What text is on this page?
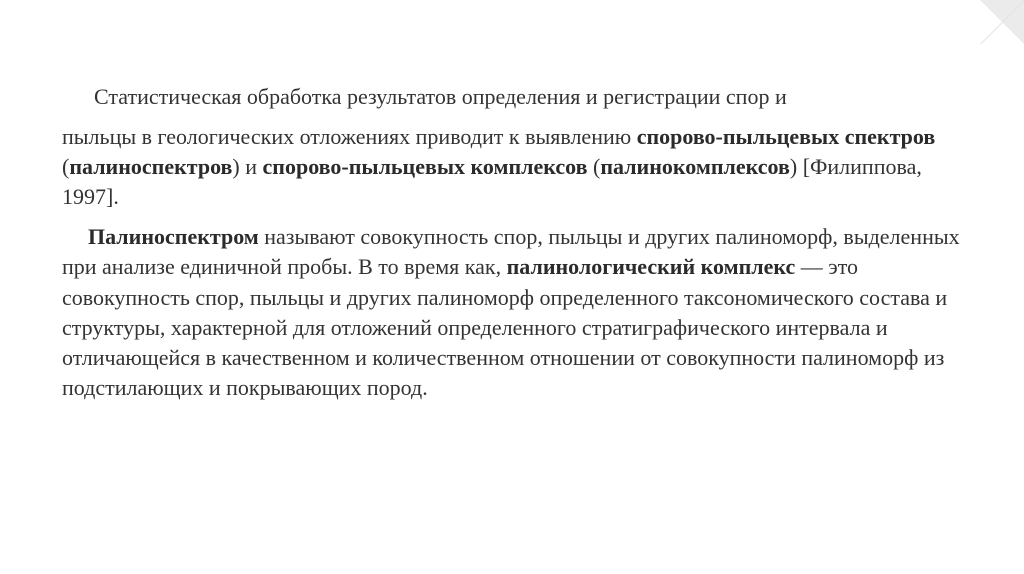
Статистическая обработка результатов определения и регистрации спор и
пыльцы в геологических отложениях приводит к выявлению спорово-пыльцевых спектров (палиноспектров) и спорово-пыльцевых комплексов (палинокомплексов) [Филиппова, 1997].

Палиноспектром называют совокупность спор, пыльцы и других палиноморф, выделенных при анализе единичной пробы. В то время как, палинологический комплекс — это совокупность спор, пыльцы и других палиноморф определенного таксономического состава и структуры, характерной для отложений определенного стратиграфического интервала и отличающейся в качественном и количественном отношении от совокупности палиноморф из подстилающих и покрывающих пород.
